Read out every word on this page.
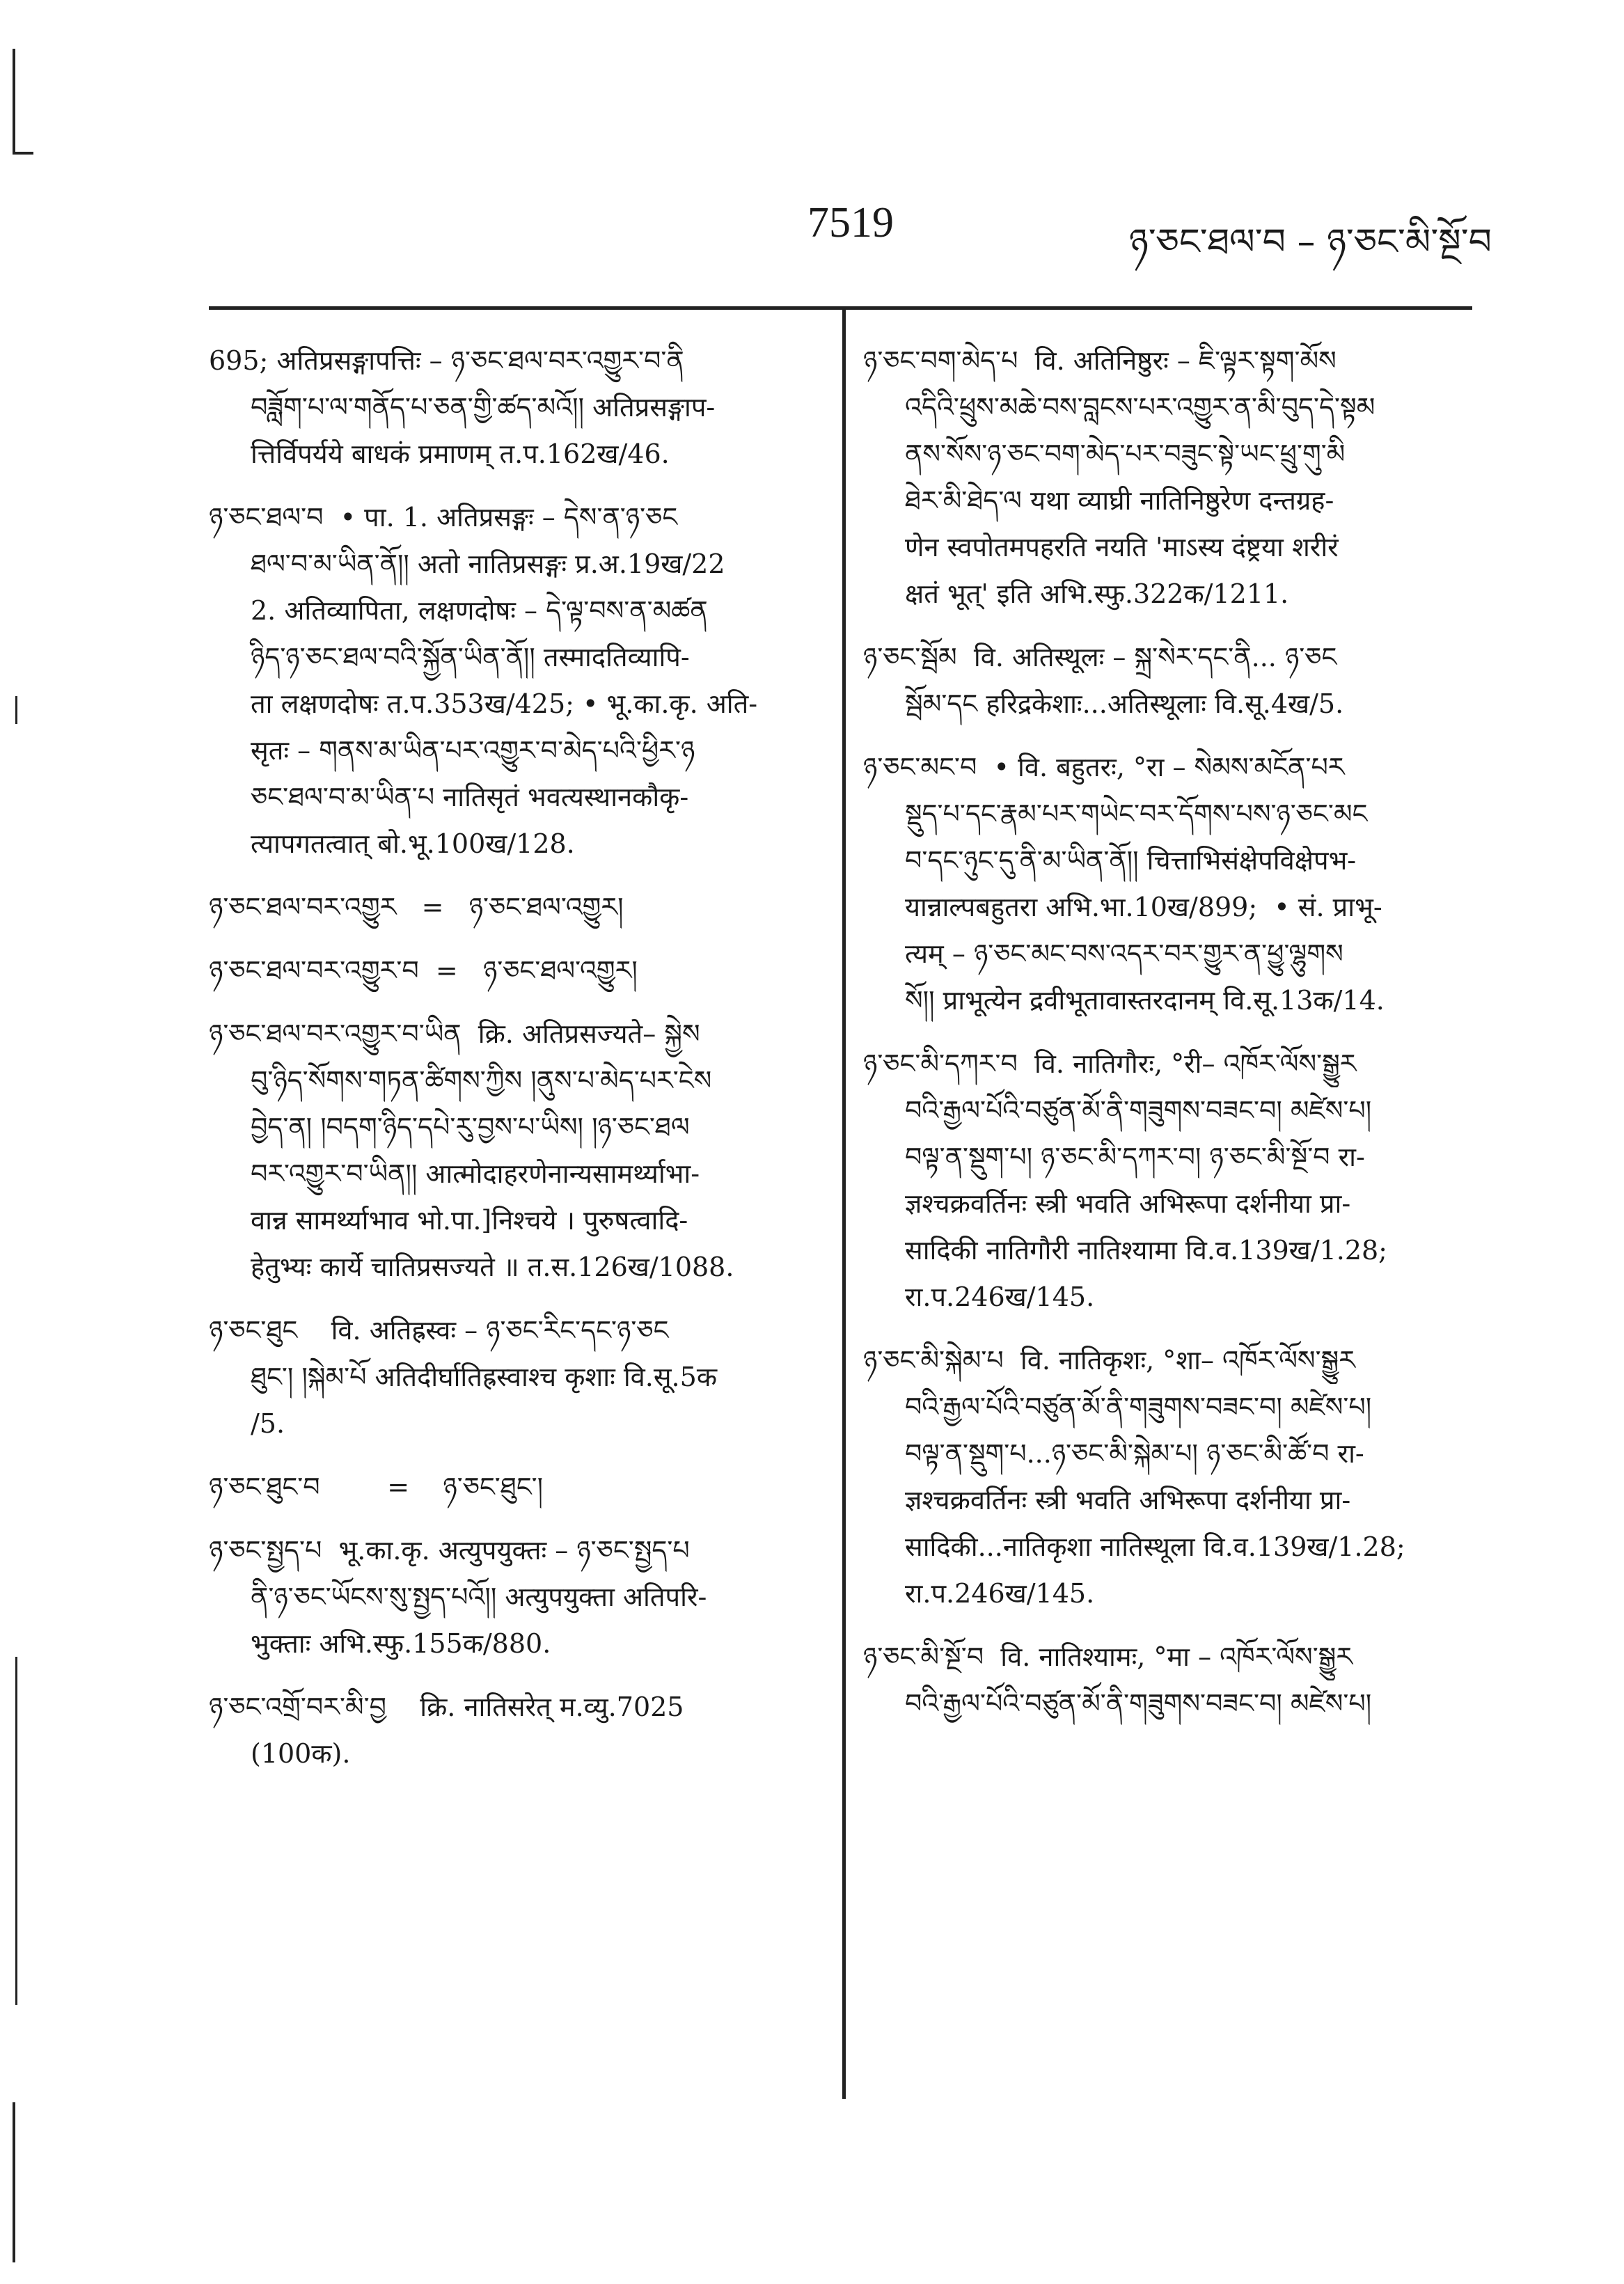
7519	ཉ་ཅང་ཐལ་བ – ཉ་ཅང་མི་སྔོ་བ
695; अतिप्रसङ्गापत्तिः – ཉ་ཅང་ཐལ་བར་འགྱུར་བ་ནི
བཟློག་པ་ལ་གནོད་པ་ཅན་གྱི་ཚད་མའོ།། अतिप्रसङ्गाप-
त्तिर्विपर्यये बाधकं प्रमाणम् त.प.162ख/46.
ཉ་ཅང་ཐལ་བ  • पा. 1. अतिप्रसङ्गः – དེས་ན་ཉ་ཅང
ཐལ་བ་མ་ཡིན་ནོ།། अतो नातिप्रसङ्गः प्र.अ.19ख/22
2. अतिव्यापिता, लक्षणदोषः – དེ་ལྟ་བས་ན་མཚན
ཉིད་ཉ་ཅང་ཐལ་བའི་སྐྱོན་ཡིན་ནོ།། तस्मादतिव्यापि-
ता लक्षणदोषः त.प.353ख/425; • भू.का.कृ. अति-
सृतः – གནས་མ་ཡིན་པར་འགྱུར་བ་མེད་པའི་ཕྱིར་ཉ
ཅང་ཐལ་བ་མ་ཡིན་པ नातिसृतं भवत्यस्थानकौकृ-
त्यापगतत्वात् बो.भू.100ख/128.
ཉ་ཅང་ཐལ་བར་འགྱུར   =   ཉ་ཅང་ཐལ་འགྱུར།
ཉ་ཅང་ཐལ་བར་འགྱུར་བ  =   ཉ་ཅང་ཐལ་འགྱུར།
ཉ་ཅང་ཐལ་བར་འགྱུར་བ་ཡིན  क्रि. अतिप्रसज्यते– སྐྱེས
བུ་ཉིད་སོགས་གཏན་ཚིགས་ཀྱིས །ནུས་པ་མེད་པར་ངེས
བྱེད་ན། །བདག་ཉིད་དཔེ་རུ་བྱས་པ་ཡིས། །ཉ་ཅང་ཐལ
བར་འགྱུར་བ་ཡིན།། आत्मोदाहरणेनान्यसामर्थ्याभा-
वान्न सामर्थ्याभाव भो.पा.]निश्चये । पुरुषत्वादि-
हेतुभ्यः कार्ये चातिप्रसज्यते ॥ त.स.126ख/1088.
ཉ་ཅང་ཐུང    वि. अतिह्रस्वः – ཉ་ཅང་རིང་དང་ཉ་ཅང
ཐུང་། །སྐེམ་པོ अतिदीर्घातिह्रस्वाश्च कृशाः वि.सू.5क
/5.
ཉ་ཅང་ཐུང་བ        =    ཉ་ཅང་ཐུང་།
ཉ་ཅང་སྤྱད་པ  भू.का.कृ. अत्युपयुक्तः – ཉ་ཅང་སྤྱད་པ
ནི་ཉ་ཅང་ཡོངས་སུ་སྤྱད་པའོ།། अत्युपयुक्ता अतिपरि-
भुक्ताः अभि.स्फु.155क/880.
ཉ་ཅང་འགྲོ་བར་མི་བྱ    क्रि. नातिसरेत् म.व्यु.7025
(100क).
ཉ་ཅང་བག་མེད་པ  वि. अतिनिष्ठुरः – ཇི་ལྟར་སྟག་མོས
འདིའི་ཕྲུས་མཆེ་བས་བླངས་པར་འགྱུར་ན་མི་བུད་དེ་སྟམ
ནས་སོས་ཉ་ཅང་བག་མེད་པར་བཟུང་སྟེ་ཡང་ཕྲུ་གུ་མི
ཐེར་མི་ཐེད་ལ यथा व्याघ्री नातिनिष्ठुरेण दन्तग्रह-
णेन स्वपोतमपहरति नयति 'माऽस्य दंष्ट्रया शरीरं
क्षतं भूत्' इति अभि.स्फु.322क/1211.
ཉ་ཅང་སྦོམ  वि. अतिस्थूलः – སྐྲ་སེར་དང་ནི... ཉ་ཅང
སྦོམ་དང हरिद्रकेशाः...अतिस्थूलाः वि.सू.4ख/5.
ཉ་ཅང་མང་བ  • वि. बहुतरः, °रा – སེམས་མངོན་པར
སྡུད་པ་དང་རྣམ་པར་གཡེང་བར་དོགས་པས་ཉ་ཅང་མང
བ་དང་ཉུང་དུ་ནི་མ་ཡིན་ནོ།། चित्ताभिसंक्षेपविक्षेपभ-
यान्नाल्पबहुतरा अभि.भा.10ख/899;  • सं. प्राभू-
त्यम् – ཉ་ཅང་མང་བས་འདར་བར་གྱུར་ན་ཕྱུ་ལྷུགས
སོ།། प्राभूत्येन द्रवीभूतावास्तरदानम् वि.सू.13क/14.
ཉ་ཅང་མི་དཀར་བ  वि. नातिगौरः, °री– འཁོར་ལོས་སྒྱུར
བའི་རྒྱལ་པོའི་བཙུན་མོ་ནི་གཟུགས་བཟང་བ། མཛེས་པ།
བལྟ་ན་སྡུག་པ། ཉ་ཅང་མི་དཀར་བ། ཉ་ཅང་མི་སྔོ་བ रा-
ज्ञश्चक्रवर्तिनः स्त्री भवति अभिरूपा दर्शनीया प्रा-
सादिकी नातिगौरी नातिश्यामा वि.व.139ख/1.28;
रा.प.246ख/145.
ཉ་ཅང་མི་སྐེམ་པ  वि. नातिकृशः, °शा– འཁོར་ལོས་སྒྱུར
བའི་རྒྱལ་པོའི་བཙུན་མོ་ནི་གཟུགས་བཟང་བ། མཛེས་པ།
བལྟ་ན་སྡུག་པ...ཉ་ཅང་མི་སྐེམ་པ། ཉ་ཅང་མི་ཚོ་བ रा-
ज्ञश्चक्रवर्तिनः स्त्री भवति अभिरूपा दर्शनीया प्रा-
सादिकी...नातिकृशा नातिस्थूला वि.व.139ख/1.28;
रा.प.246ख/145.
ཉ་ཅང་མི་སྔོ་བ  वि. नातिश्यामः, °मा – འཁོར་ལོས་སྒྱུར
བའི་རྒྱལ་པོའི་བཙུན་མོ་ནི་གཟུགས་བཟང་བ། མཛེས་པ།
